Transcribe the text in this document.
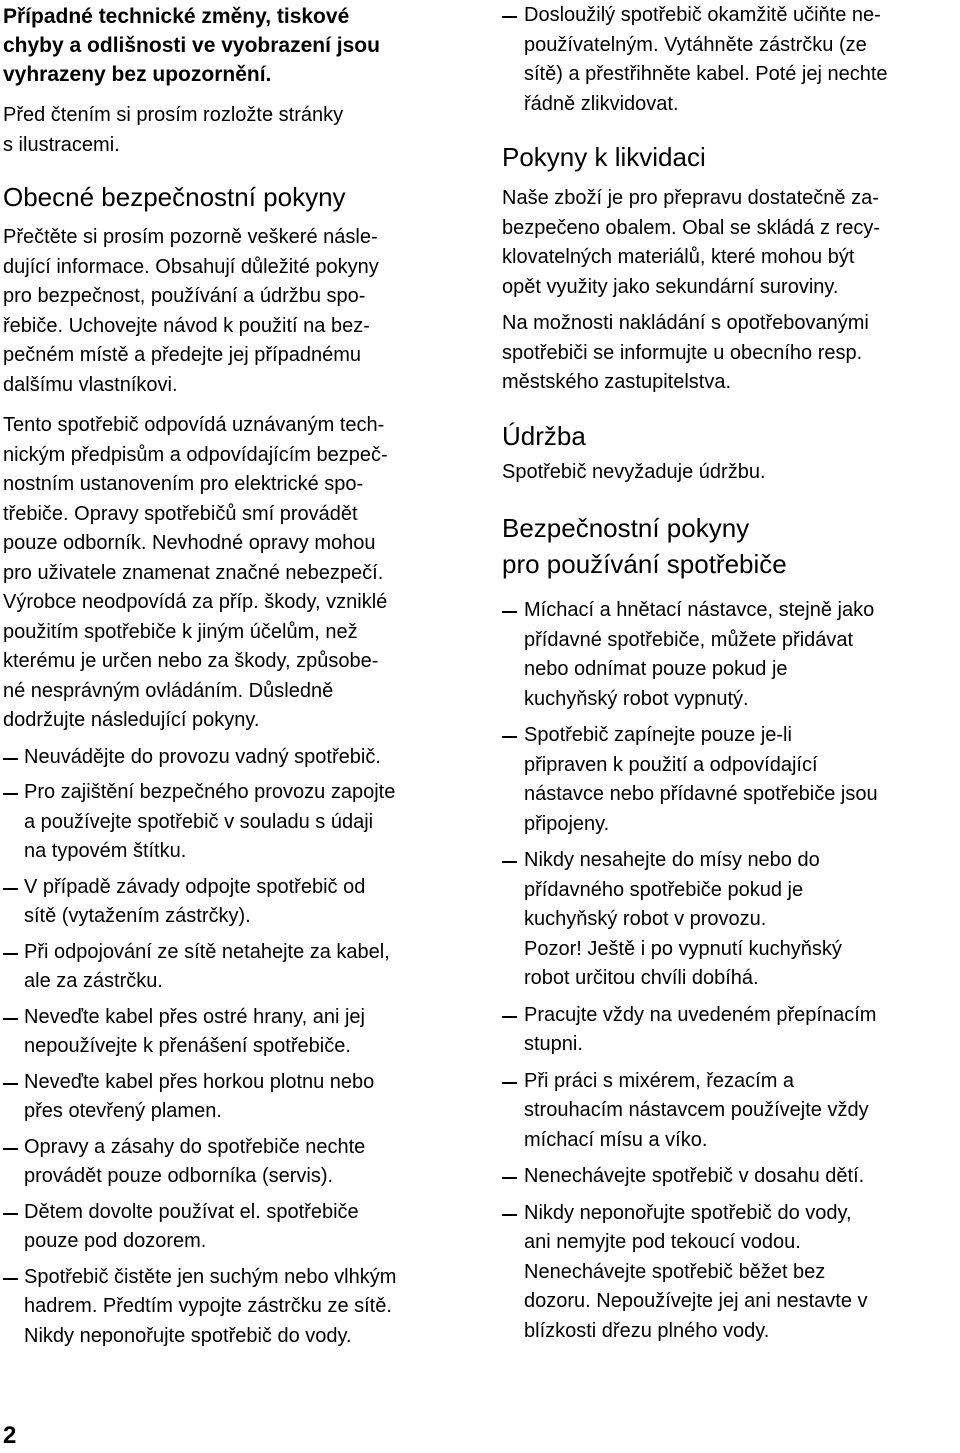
Případné technické změny, tiskové
chyby a odlišnosti ve vyobrazení jsou
vyhrazeny bez upozornění.

Před čtením si prosím rozložte stránky
s ilustracemi.

Obecné bezpečnostní pokyny

Přečtěte si prosím pozorně veškeré násle-
dující informace. Obsahují důležité pokyny
pro bezpečnost, používání a údržbu spo-
řebiče. Uchovejte návod k použití na bez-
pečném místě a předejte jej případnému
dalšímu vlastníkovi.

Tento spotřebič odpovídá uznávaným tech-
nickým předpisům a odpovídajícím bezpeč-
nostním ustanovením pro elektrické spo-
třebiče. Opravy spotřebičů smí provádět
pouze odborník. Nevhodné opravy mohou
pro uživatele znamenat značné nebezpečí.
Výrobce neodpovídá za příp. škody, vzniklé
použitím spotřebiče k jiným účelům, než
kterému je určen nebo za škody, způsobe-
né nesprávným ovládáním. Důsledně
dodržujte následující pokyny.

Neuvádějte do provozu vadný spotřebič.
Pro zajištění bezpečného provozu zapojte
a používejte spotřebič v souladu s údaji
na typovém štítku.
V případě závady odpojte spotřebič od
sítě (vytažením zástrčky).
Při odpojování ze sítě netahejte za kabel,
ale za zástrčku.
Neveďte kabel přes ostré hrany, ani jej
nepoužívejte k přenášení spotřebiče.
Neveďte kabel přes horkou plotnu nebo
přes otevřený plamen.
Opravy a zásahy do spotřebiče nechte
provádět pouze odborníka (servis).
Dětem dovolte používat el. spotřebiče
pouze pod dozorem.
Spotřebič čistěte jen suchým nebo vlhkým
hadrem. Předtím vypojte zástrčku ze sítě.
Nikdy neponořujte spotřebič do vody.
Dosloužilý spotřebič okamžitě učiňte ne-
používatelným. Vytáhněte zástrčku (ze
sítě) a přestřihněte kabel. Poté jej nechte
řádně zlikvidovat.
Pokyny k likvidaci

Naše zboží je pro přepravu dostatečně za-
bezpečeno obalem. Obal se skládá z recy-
klovatelných materiálů, které mohou být
opět využity jako sekundární suroviny.

Na možnosti nakládání s opotřebovanými
spotřebiči se informujte u obecního resp.
městského zastupitelstva.

Údržba

Spotřebič nevyžaduje údržbu.

Bezpečnostní pokyny
pro používání spotřebiče
Míchací a hnětací nástavce, stejně jako
přídavné spotřebiče, můžete přidávat
nebo odnímat pouze pokud je
kuchyňský robot vypnutý.
Spotřebič zapínejte pouze je-li
připraven k použití a odpovídající
nástavce nebo přídavné spotřebiče jsou
připojeny.
Nikdy nesahejte do mísy nebo do
přídavného spotřebiče pokud je
kuchyňský robot v provozu.
Pozor! Ještě i po vypnutí kuchyňský
robot určitou chvíli dobíhá.
Pracujte vždy na uvedeném přepínacím
stupni.
Při práci s mixérem, řezacím a
strouhacím nástavcem používejte vždy
míchací mísu a víko.
Nenechávejte spotřebič v dosahu dětí.
Nikdy neponořujte spotřebič do vody,
ani nemyjte pod tekoucí vodou.
Nenechávejte spotřebič běžet bez
dozoru. Nepoužívejte jej ani nestavte v
blízkosti dřezu plného vody.
2
